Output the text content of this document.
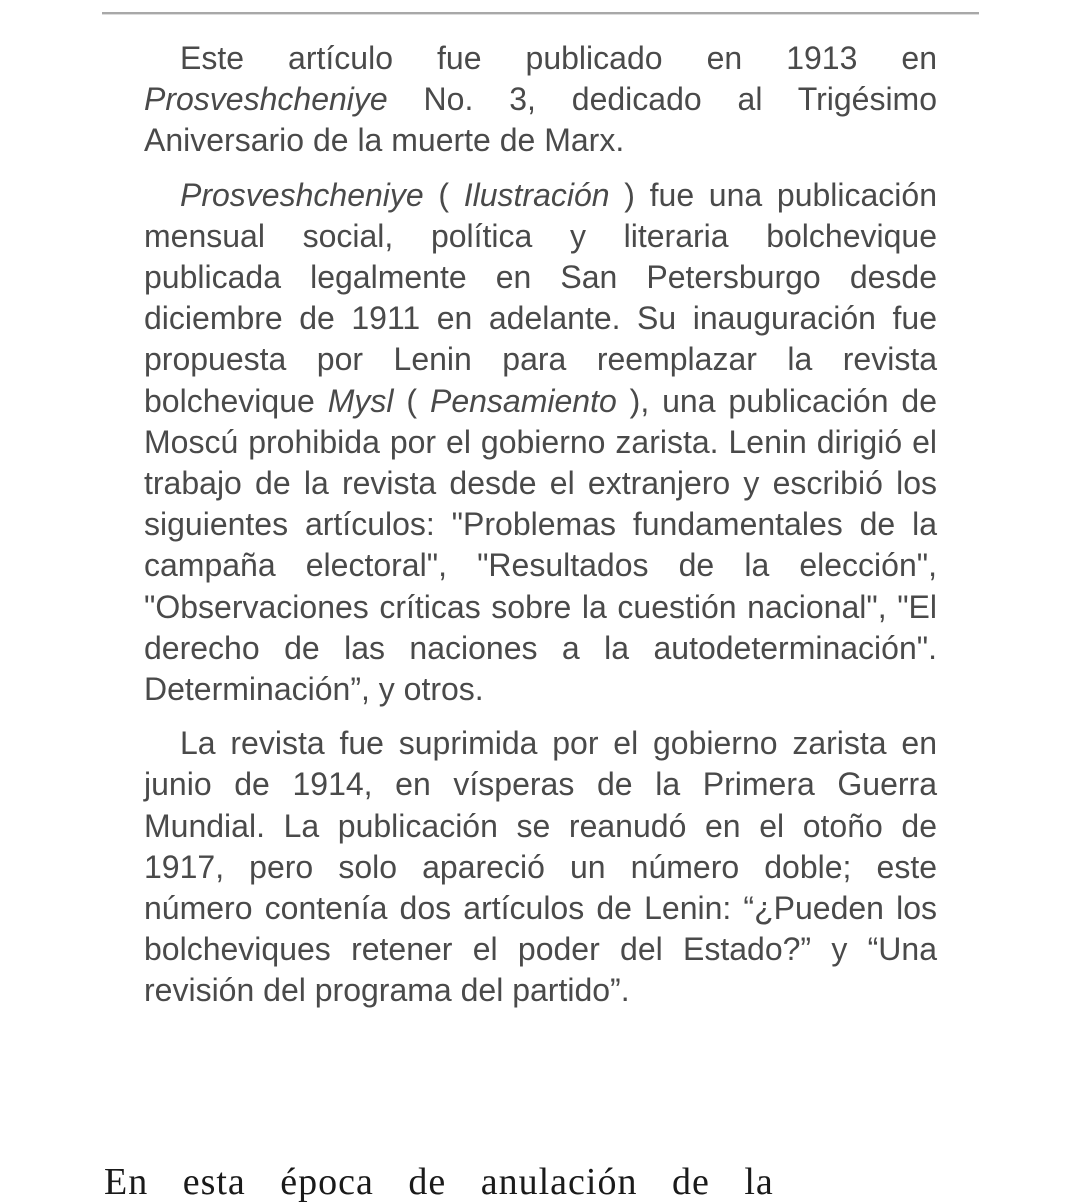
Este artículo fue publicado en 1913 en Prosveshcheniye No. 3, dedicado al Trigésimo Aniversario de la muerte de Marx.

Prosveshcheniye ( Ilustración ) fue una publicación mensual social, política y literaria bolchevique publicada legalmente en San Petersburgo desde diciembre de 1911 en adelante. Su inauguración fue propuesta por Lenin para reemplazar la revista bolchevique Mysl ( Pensamiento ), una publicación de Moscú prohibida por el gobierno zarista. Lenin dirigió el trabajo de la revista desde el extranjero y escribió los siguientes artículos: "Problemas fundamentales de la campaña electoral", "Resultados de la elección", "Observaciones críticas sobre la cuestión nacional", "El derecho de las naciones a la autodeterminación". Determinación”, y otros.

La revista fue suprimida por el gobierno zarista en junio de 1914, en vísperas de la Primera Guerra Mundial. La publicación se reanudó en el otoño de 1917, pero solo apareció un número doble; este número contenía dos artículos de Lenin: “¿Pueden los bolcheviques retener el poder del Estado?” y “Una revisión del programa del partido”.

En esta época de anulación de la
